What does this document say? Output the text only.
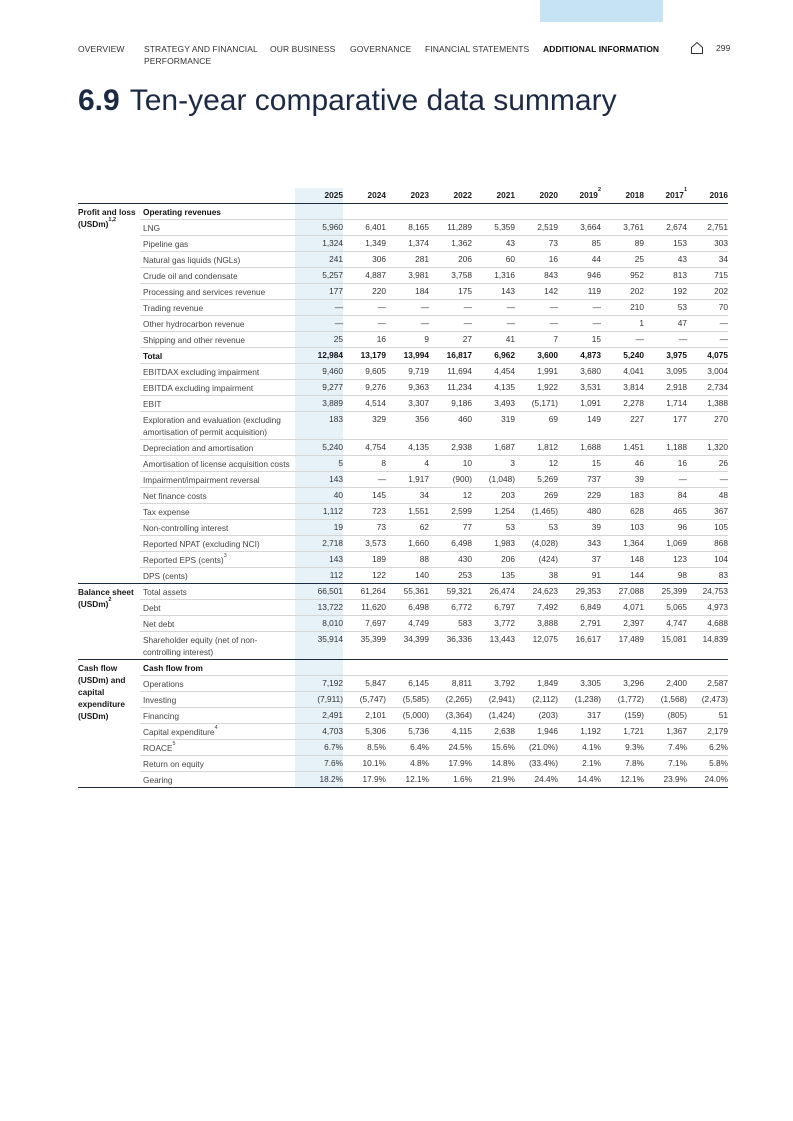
OVERVIEW STRATEGY AND FINANCIAL PERFORMANCE
OUR BUSINESS GOVERNANCE FINANCIAL STATEMENTS ADDITIONAL INFORMATION	299
6.9 Ten-year comparative data summary
		2025	2024	2023	2022	2021	2020	2019$^2$	2018	2017$^1$	2016
Profit and loss (USDm)$^{1,2}$	Operating revenues										
	LNG	5,960	6,401	8,165	11,289	5,359	2,519	3,664	3,761	2,674	2,751
	Pipeline gas	1,324	1,349	1,374	1,362	43	73	85	89	153	303
	Natural gas liquids (NGLs)	241	306	281	206	60	16	44	25	43	34
	Crude oil and condensate	5,257	4,887	3,981	3,758	1,316	843	946	952	813	715
	Processing and services revenue	177	220	184	175	143	142	119	202	192	202
	Trading revenue	—	—	—	—	—	—	—	210	53	70
	Other hydrocarbon revenue	—	—	—	—	—	—	—	1	47	—
	Shipping and other revenue	25	16	9	27	41	7	15	—	—	—
	Total	12,984	13,179	13,994	16,817	6,962	3,600	4,873	5,240	3,975	4,075
	EBITDAX excluding impairment	9,460	9,605	9,719	11,694	4,454	1,991	3,680	4,041	3,095	3,004
	EBITDA excluding impairment	9,277	9,276	9,363	11,234	4,135	1,922	3,531	3,814	2,918	2,734
	EBIT	3,889	4,514	3,307	9,186	3,493	(5,171)	1,091	2,278	1,714	1,388
	Exploration and evaluation (excluding amortisation of permit acquisition)	183	329	356	460	319	69	149	227	177	270
	Depreciation and amortisation	5,240	4,754	4,135	2,938	1,687	1,812	1,688	1,451	1,188	1,320
	Amortisation of license acquisition costs	5	8	4	10	3	12	15	46	16	26
	Impairment/impairment reversal	143	—	1,917	(900)	(1,048)	5,269	737	39	—	—
	Net finance costs	40	145	34	12	203	269	229	183	84	48
	Tax expense	1,112	723	1,551	2,599	1,254	(1,465)	480	628	465	367
	Non-controlling interest	19	73	62	77	53	53	39	103	96	105
	Reported NPAT (excluding NCI)	2,718	3,573	1,660	6,498	1,983	(4,028)	343	1,364	1,069	868
	Reported EPS (cents)$^3$	143	189	88	430	206	(424)	37	148	123	104
	DPS (cents)	112	122	140	253	135	38	91	144	98	83
Balance sheet (USDm)$^2$	Total assets	66,501	61,264	55,361	59,321	26,474	24,623	29,353	27,088	25,399	24,753
	Debt	13,722	11,620	6,498	6,772	6,797	7,492	6,849	4,071	5,065	4,973
	Net debt	8,010	7,697	4,749	583	3,772	3,888	2,791	2,397	4,747	4,688
	Shareholder equity (net of non-controlling interest)	35,914	35,399	34,399	36,336	13,443	12,075	16,617	17,489	15,081	14,839
Cash flow (USDm) and capital expenditure (USDm)	Cash flow from										
	Operations	7,192	5,847	6,145	8,811	3,792	1,849	3,305	3,296	2,400	2,587
	Investing	(7,911)	(5,747)	(5,585)	(2,265)	(2,941)	(2,112)	(1,238)	(1,772)	(1,568)	(2,473)
	Financing	2,491	2,101	(5,000)	(3,364)	(1,424)	(203)	317	(159)	(805)	51
	Capital expenditure$^4$	4,703	5,306	5,736	4,115	2,638	1,946	1,192	1,721	1,367	2,179
	ROACE$^5$	6.7%	8.5%	6.4%	24.5%	15.6%	(21.0%)	4.1%	9.3%	7.4%	6.2%
	Return on equity	7.6%	10.1%	4.8%	17.9%	14.8%	(33.4%)	2.1%	7.8%	7.1%	5.8%
	Gearing	18.2%	17.9%	12.1%	1.6%	21.9%	24.4%	14.4%	12.1%	23.9%	24.0%
